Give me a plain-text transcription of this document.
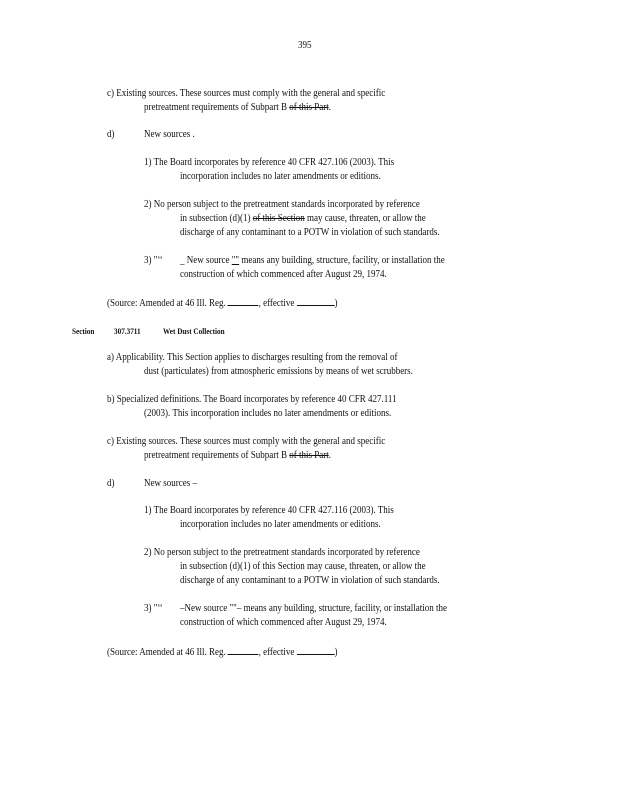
395
c) Existing sources. These sources must comply with the general and specific
pretreatment requirements of Subpart B of this Part.
d)	New sources .
1) The Board incorporates by reference 40 CFR 427.106 (2003). This
incorporation includes no later amendments or editions.
2) No person subject to the pretreatment standards incorporated by reference
in subsection (d)(1) of this Section may cause, threaten, or allow the
discharge of any contaminant to a POTW in violation of such standards.
3) "‘‘ _ New source "" means any building, structure, facility, or installation the
construction of which commenced after August 29, 1974.
(Source: Amended at 46 Ill. Reg.	, effective	)
Section 307.3711	Wet Dust Collection
a) Applicability. This Section applies to discharges resulting from the removal of
dust (particulates) from atmospheric emissions by means of wet scrubbers.
b) Specialized definitions. The Board incorporates by reference 40 CFR 427.111
(2003). This incorporation includes no later amendments or editions.
c) Existing sources. These sources must comply with the general and specific
pretreatment requirements of Subpart B of this Part.
d)	New sources –
1) The Board incorporates by reference 40 CFR 427.116 (2003). This
incorporation includes no later amendments or editions.
2) No person subject to the pretreatment standards incorporated by reference
in subsection (d)(1) of this Section may cause, threaten, or allow the
discharge of any contaminant to a POTW in violation of such standards.
3) "‘‘ –New source ""– means any building, structure, facility, or installation the
construction of which commenced after August 29, 1974.
(Source: Amended at 46 Ill. Reg.	, effective	)
